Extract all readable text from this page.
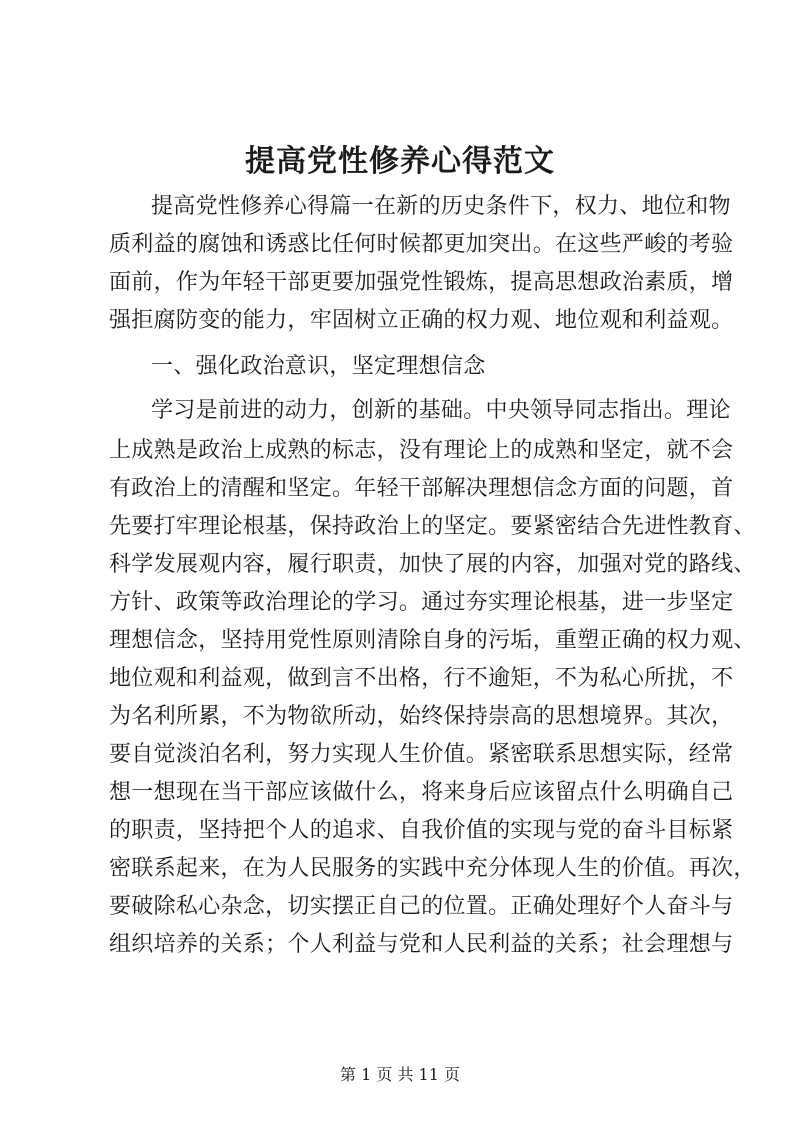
提高党性修养心得范文
提高党性修养心得篇一在新的历史条件下，权力、地位和物
质利益的腐蚀和诱惑比任何时候都更加突出。在这些严峻的考验
面前，作为年轻干部更要加强党性锻炼，提高思想政治素质，增
强拒腐防变的能力，牢固树立正确的权力观、地位观和利益观。
一、强化政治意识，坚定理想信念
学习是前进的动力，创新的基础。中央领导同志指出。理论
上成熟是政治上成熟的标志，没有理论上的成熟和坚定，就不会
有政治上的清醒和坚定。年轻干部解决理想信念方面的问题，首
先要打牢理论根基，保持政治上的坚定。要紧密结合先进性教育、
科学发展观内容，履行职责，加快了展的内容，加强对党的路线、
方针、政策等政治理论的学习。通过夯实理论根基，进一步坚定
理想信念，坚持用党性原则清除自身的污垢，重塑正确的权力观、
地位观和利益观，做到言不出格，行不逾矩，不为私心所扰，不
为名利所累，不为物欲所动，始终保持崇高的思想境界。其次，
要自觉淡泊名利，努力实现人生价值。紧密联系思想实际，经常
想一想现在当干部应该做什么，将来身后应该留点什么明确自己
的职责，坚持把个人的追求、自我价值的实现与党的奋斗目标紧
密联系起来，在为人民服务的实践中充分体现人生的价值。再次，
要破除私心杂念，切实摆正自己的位置。正确处理好个人奋斗与
组织培养的关系；个人利益与党和人民利益的关系；社会理想与
第 1 页 共 11 页
